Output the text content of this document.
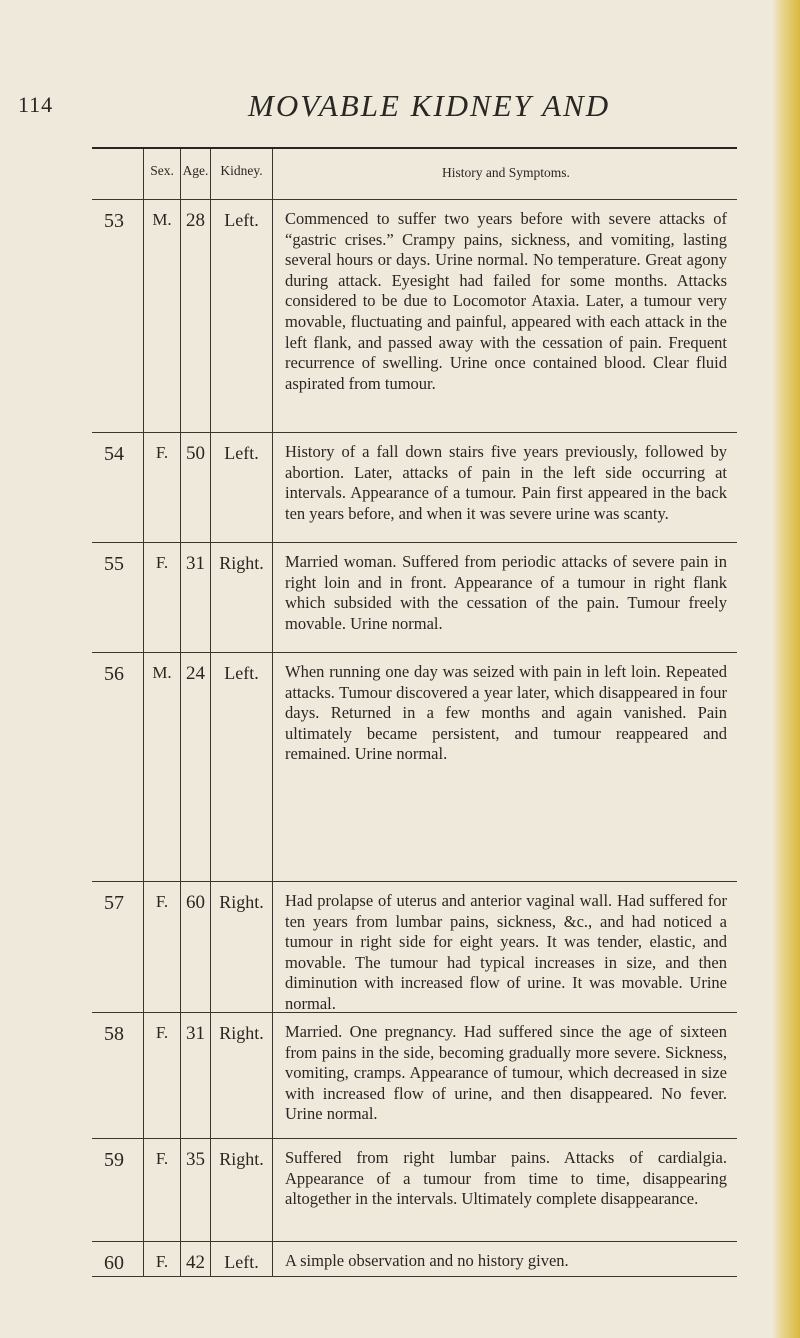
114	MOVABLE KIDNEY AND
Sex. Age. Kidney.	History and Symptoms.
53	M. 28	Left.	Commenced to suffer two years before with severe attacks of “gastric crises.” Crampy pains, sickness, and vomiting, lasting several hours or days. Urine normal. No temperature. Great agony during attack. Eyesight had failed for some months. Attacks considered to be due to Locomotor Ataxia. Later, a tumour very movable, fluctuating and painful, appeared with each attack in the left flank, and passed away with the cessation of pain. Frequent recurrence of swelling. Urine once contained blood. Clear fluid aspirated from tumour.
54	F. 50	Left.	History of a fall down stairs five years previously, followed by abortion. Later, attacks of pain in the left side occurring at intervals. Appearance of a tumour. Pain first appeared in the back ten years before, and when it was severe urine was scanty.
55	F. 31 Right.	Married woman. Suffered from periodic attacks of severe pain in right loin and in front. Appearance of a tumour in right flank which subsided with the cessation of the pain. Tumour freely movable. Urine normal.
56	M. 24	Left.	When running one day was seized with pain in left loin. Repeated attacks. Tumour discovered a year later, which disappeared in four days. Returned in a few months and again vanished. Pain ultimately became persistent, and tumour reappeared and remained. Urine normal.
57	F. 60 Right.	Had prolapse of uterus and anterior vaginal wall. Had suffered for ten years from lumbar pains, sickness, &c., and had noticed a tumour in right side for eight years. It was tender, elastic, and movable. The tumour had typical increases in size, and then diminution with increased flow of urine. It was movable. Urine normal.
58	F. 31 Right.	Married. One pregnancy. Had suffered since the age of sixteen from pains in the side, becoming gradually more severe. Sickness, vomiting, cramps. Appearance of tumour, which decreased in size with increased flow of urine, and then disappeared. No fever. Urine normal.
59	F. 35 Right.	Suffered from right lumbar pains. Attacks of cardialgia. Appearance of a tumour from time to time, disappearing altogether in the intervals. Ultimately complete disappearance.
60	F. 42	Left.	A simple observation and no history given.
